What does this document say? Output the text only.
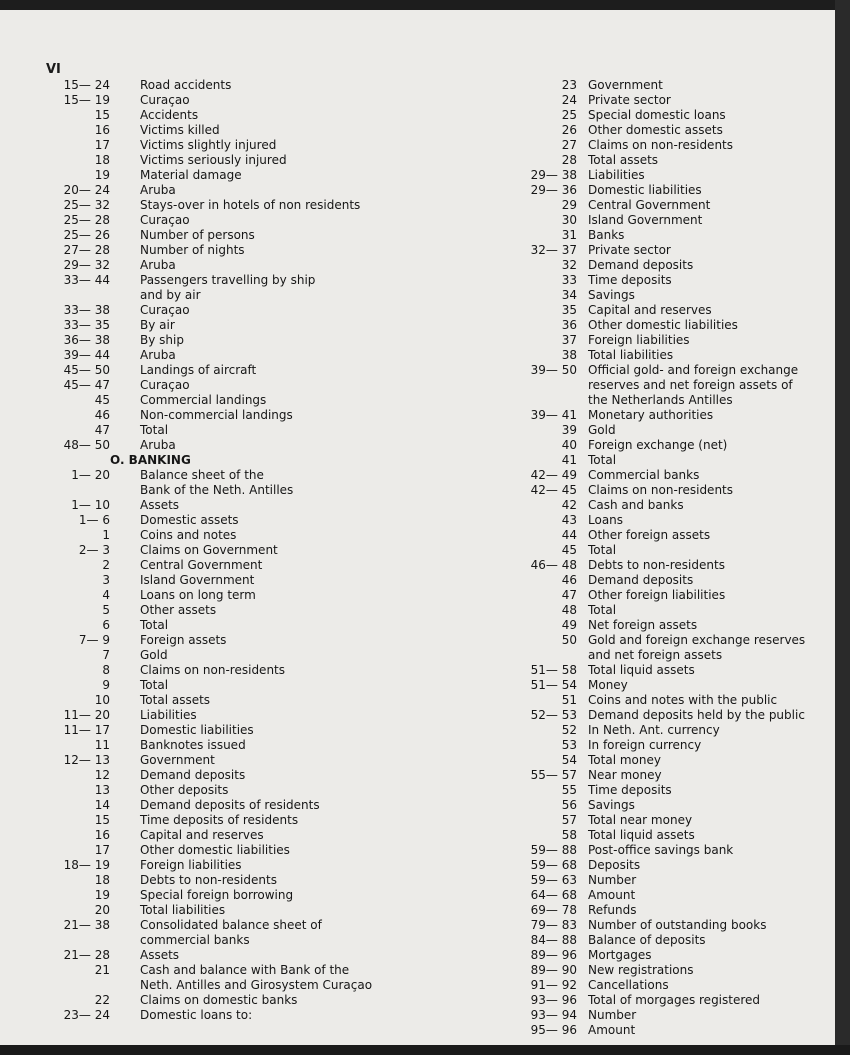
VI
15— 24	Road accidents
15— 19	Curaçao
15	Accidents
16	Victims killed
17	Victims slightly injured
18	Victims seriously injured
19	Material damage
20— 24	Aruba
25— 32	Stays-over in hotels of non residents
25— 28	Curaçao
25— 26	Number of persons
27— 28	Number of nights
29— 32	Aruba
33— 44	Passengers travelling by ship
and by air
33— 38	Curaçao
33— 35	By air
36— 38	By ship
39— 44	Aruba
45— 50	Landings of aircraft
45— 47	Curaçao
45	Commercial landings
46	Non-commercial landings
47	Total
48— 50	Aruba
O. BANKING
1— 20	Balance sheet of the
Bank of the Neth. Antilles
1— 10	Assets
1— 6	Domestic assets
1	Coins and notes
2— 3	Claims on Government
2	Central Government
3	Island Government
4	Loans on long term
5	Other assets
6	Total
7— 9	Foreign assets
7	Gold
8	Claims on non-residents
9	Total
10	Total assets
11— 20	Liabilities
11— 17	Domestic liabilities
11	Banknotes issued
12— 13	Government
12	Demand deposits
13	Other deposits
14	Demand deposits of residents
15	Time deposits of residents
16	Capital and reserves
17	Other domestic liabilities
18— 19	Foreign liabilities
18	Debts to non-residents
19	Special foreign borrowing
20	Total liabilities
21— 38	Consolidated balance sheet of
commercial banks
21— 28	Assets
21	Cash and balance with Bank of the
Neth. Antilles and Girosystem Curaçao
22	Claims on domestic banks
23— 24	Domestic loans to:
23 Government
24 Private sector
25 Special domestic loans
26 Other domestic assets
27 Claims on non-residents
28 Total assets
29— 38 Liabilities
29— 36 Domestic liabilities
29 Central Government
30 Island Government
31 Banks
32— 37 Private sector
32 Demand deposits
33 Time deposits
34 Savings
35 Capital and reserves
36 Other domestic liabilities
37 Foreign liabilities
38 Total liabilities
39— 50 Official gold- and foreign exchange
reserves and net foreign assets of
the Netherlands Antilles
39— 41 Monetary authorities
39 Gold
40 Foreign exchange (net)
41 Total
42— 49 Commercial banks
42— 45 Claims on non-residents
42 Cash and banks
43 Loans
44 Other foreign assets
45 Total
46— 48 Debts to non-residents
46 Demand deposits
47 Other foreign liabilities
48 Total
49 Net foreign assets
50 Gold and foreign exchange reserves
and net foreign assets
51— 58 Total liquid assets
51— 54 Money
51 Coins and notes with the public
52— 53 Demand deposits held by the public
52 In Neth. Ant. currency
53 In foreign currency
54 Total money
55— 57 Near money
55 Time deposits
56 Savings
57 Total near money
58 Total liquid assets
59— 88 Post-office savings bank
59— 68 Deposits
59— 63 Number
64— 68 Amount
69— 78 Refunds
79— 83 Number of outstanding books
84— 88 Balance of deposits
89— 96 Mortgages
89— 90 New registrations
91— 92 Cancellations
93— 96 Total of morgages registered
93— 94 Number
95— 96 Amount
